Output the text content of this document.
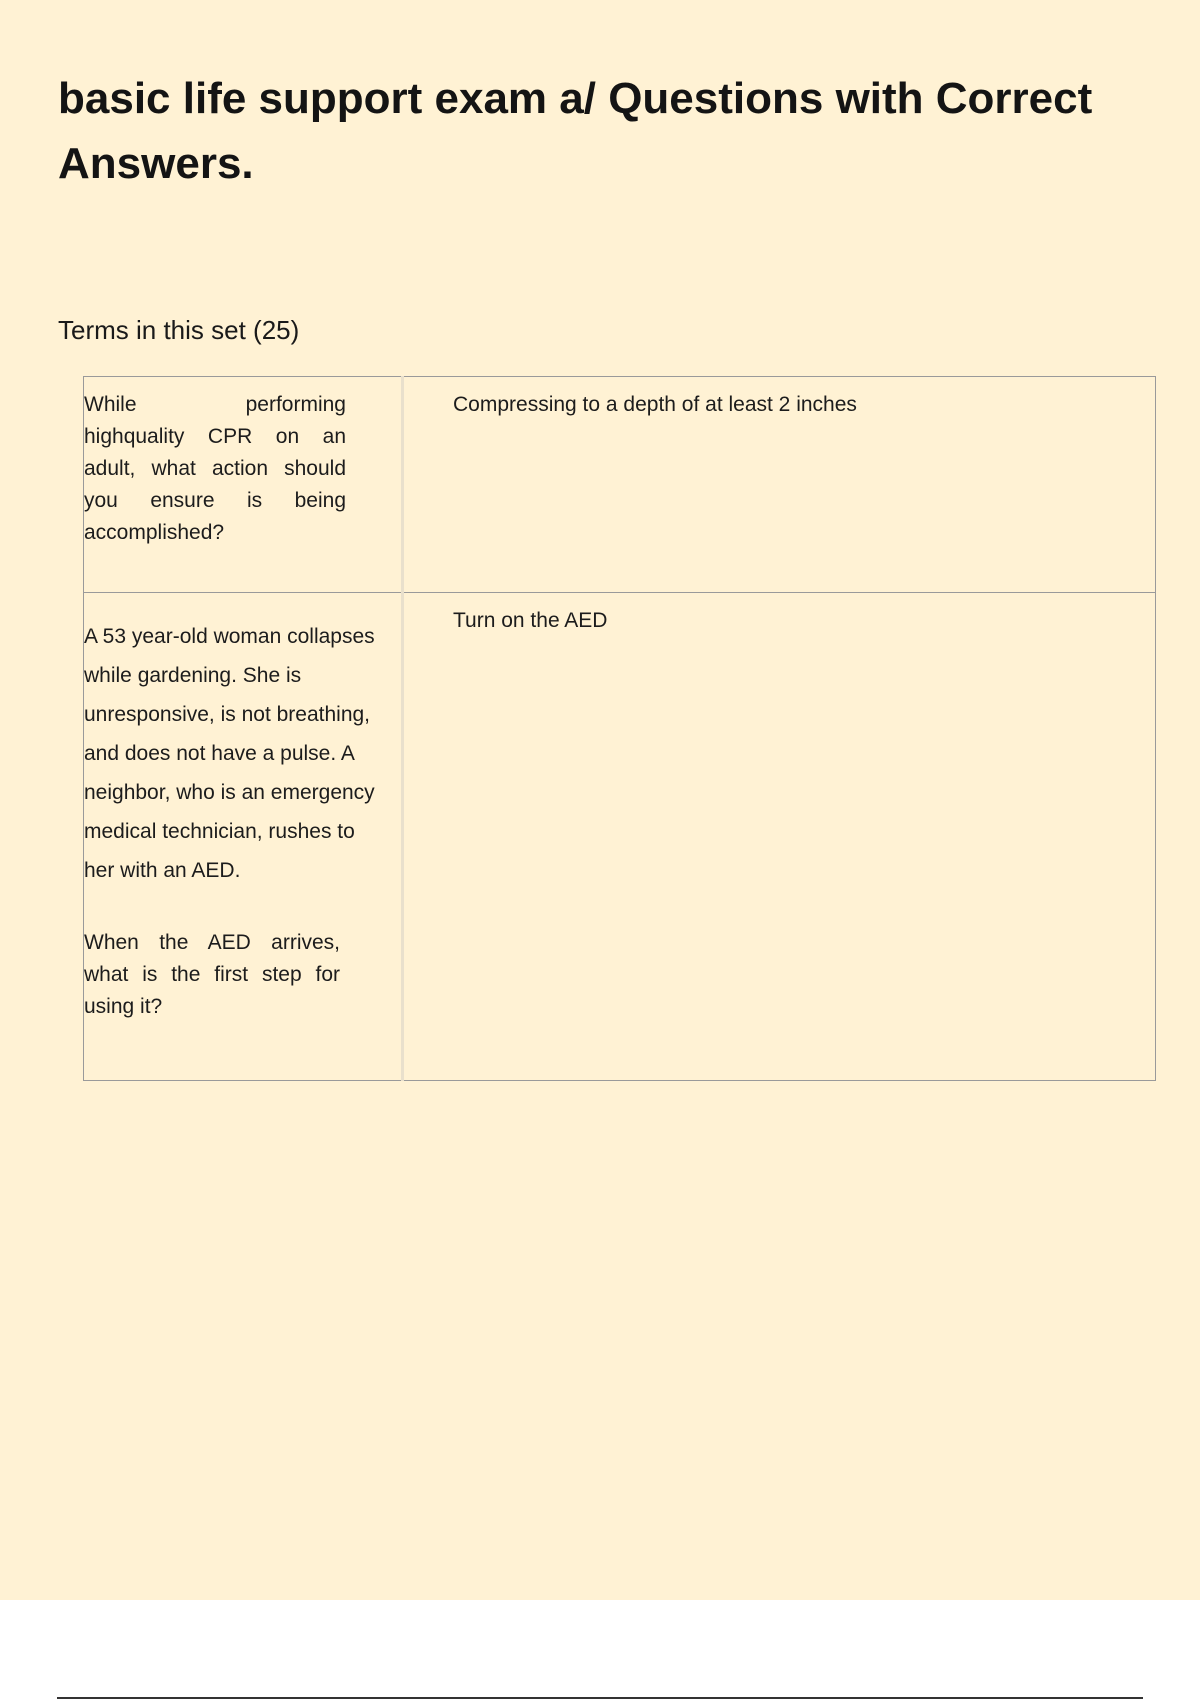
basic life support exam a/ Questions with Correct Answers.
Terms in this set (25)
While performing highquality CPR on an adult, what action should you ensure is being accomplished?	Compressing to a depth of at least 2 inches

A 53 year-old woman collapses while gardening. She is unresponsive, is not breathing, and does not have a pulse. A neighbor, who is an emergency medical technician, rushes to her with an AED.
When the AED arrives, what is the first step for using it?	Turn on the AED
